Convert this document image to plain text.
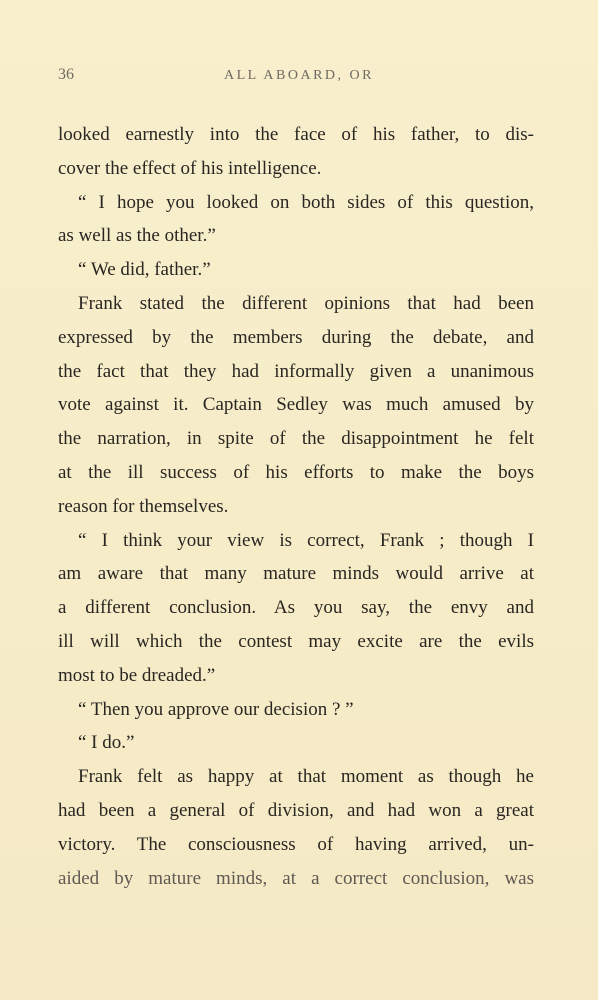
36	ALL ABOARD, OR
looked earnestly into the face of his father, to dis-
cover the effect of his intelligence.
“ I hope you looked on both sides of this question,
as well as the other.”
“ We did, father.”
Frank stated the different opinions that had been
expressed by the members during the debate, and
the fact that they had informally given a unanimous
vote against it. Captain Sedley was much amused by
the narration, in spite of the disappointment he felt
at the ill success of his efforts to make the boys
reason for themselves.
“ I think your view is correct, Frank ; though I
am aware that many mature minds would arrive at
a different conclusion. As you say, the envy and
ill will which the contest may excite are the evils
most to be dreaded.”
“ Then you approve our decision ? ”
“ I do.”
Frank felt as happy at that moment as though he
had been a general of division, and had won a great
victory. The consciousness of having arrived, un-
aided by mature minds, at a correct conclusion, was
